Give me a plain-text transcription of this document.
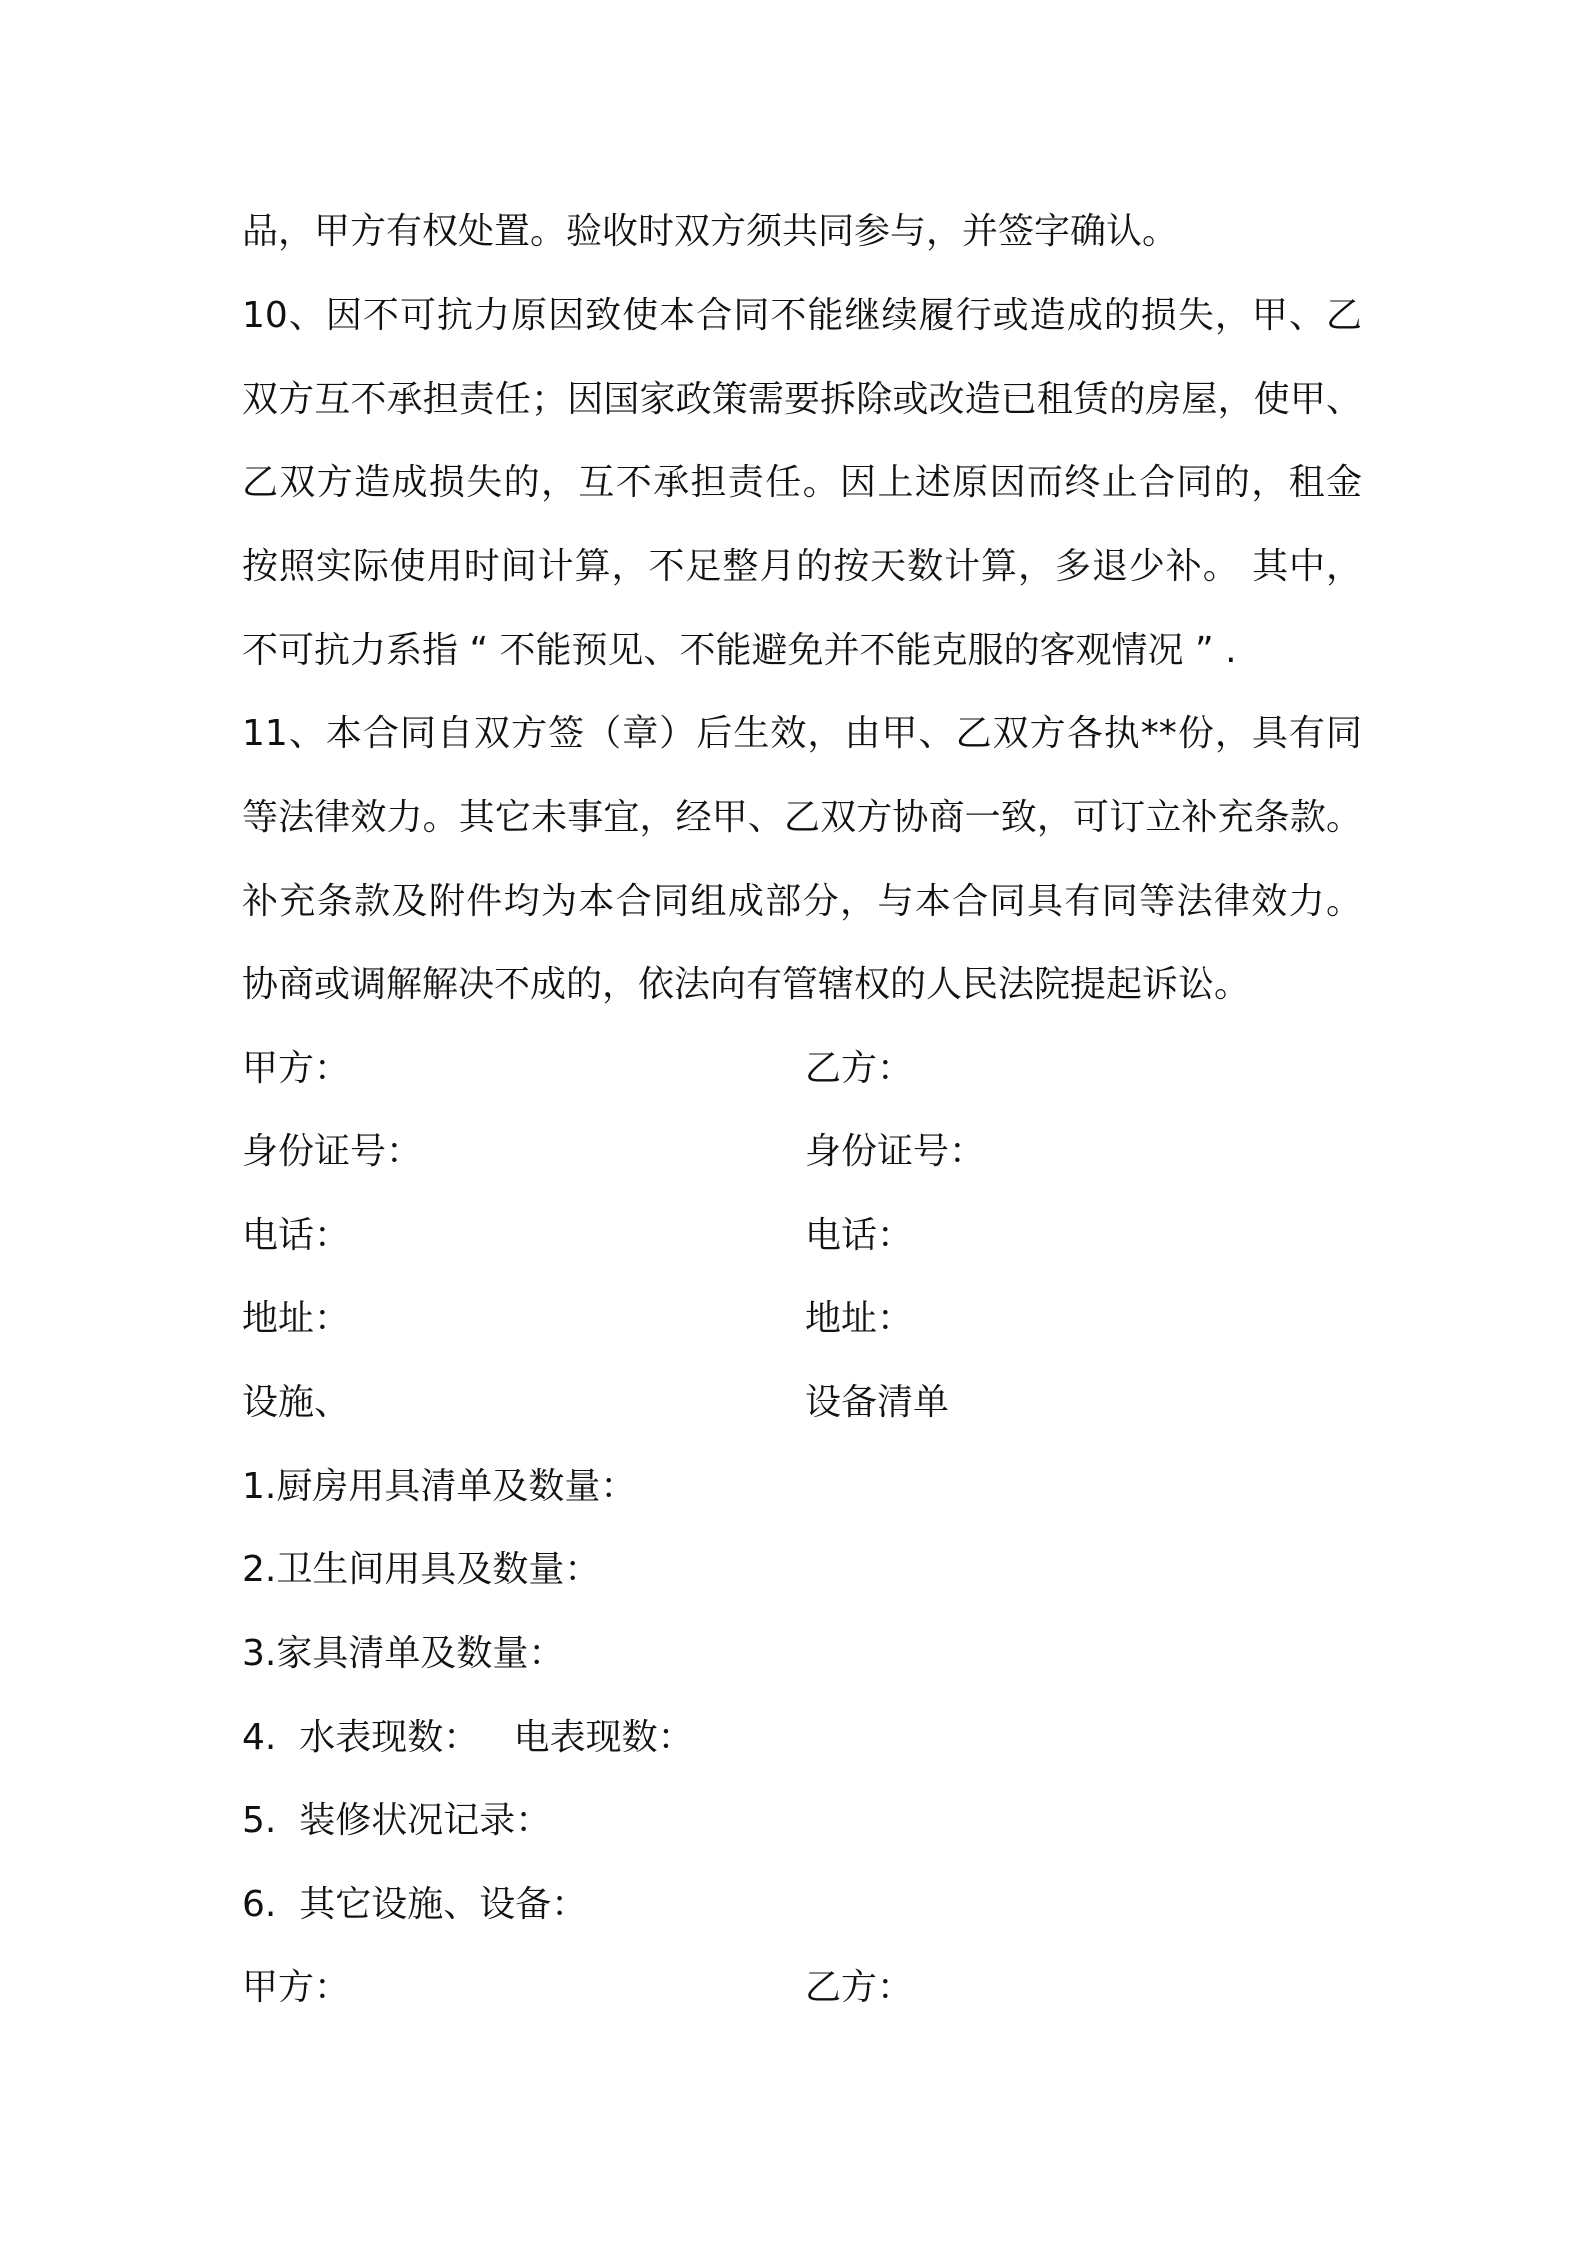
品，甲方有权处置。验收时双方须共同参与，并签字确认。
10、因不可抗力原因致使本合同不能继续履行或造成的损失，甲、乙
双方互不承担责任；因国家政策需要拆除或改造已租赁的房屋，使甲、
乙双方造成损失的，互不承担责任。因上述原因而终止合同的，租金
按照实际使用时间计算，不足整月的按天数计算，多退少补。 其中，
不可抗力系指 “ 不能预见、不能避免并不能克服的客观情况 ” .
11、本合同自双方签（章）后生效，由甲、乙双方各执**份，具有同
等法律效力。其它未事宜，经甲、乙双方协商一致，可订立补充条款。
补充条款及附件均为本合同组成部分，与本合同具有同等法律效力。
协商或调解解决不成的，依法向有管辖权的人民法院提起诉讼。
甲方：	乙方：
身份证号：	身份证号：
电话：	电话：
地址：	地址：
设施、	设备清单
1.厨房用具清单及数量：
2.卫生间用具及数量：
3.家具清单及数量：
4.  水表现数：   电表现数：
5.  装修状况记录：
6.  其它设施、设备：
甲方：	乙方：
